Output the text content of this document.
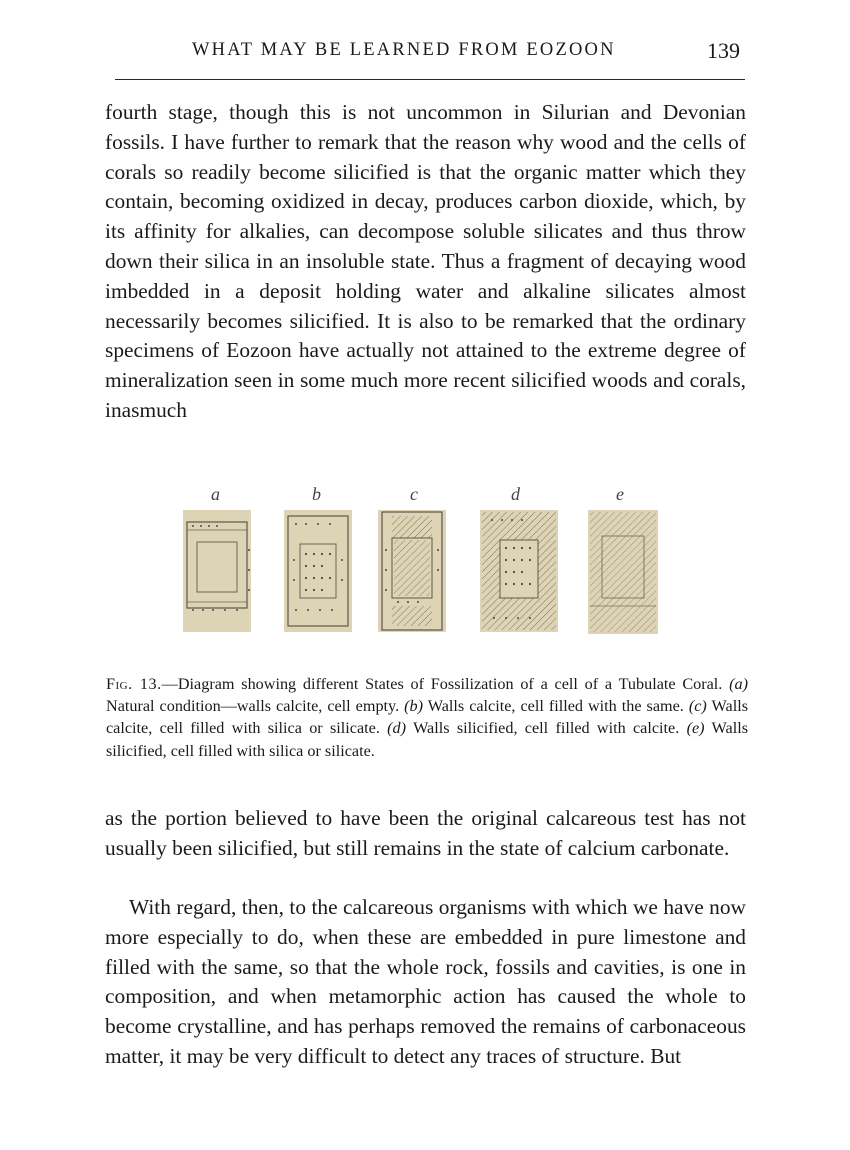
WHAT MAY BE LEARNED FROM EOZOON	139

fourth stage, though this is not uncommon in Silurian and Devonian fossils. I have further to remark that the reason why wood and the cells of corals so readily become silicified is that the organic matter which they contain, becoming oxidized in decay, produces carbon dioxide, which, by its affinity for alkalies, can decompose soluble silicates and thus throw down their silica in an insoluble state. Thus a fragment of decaying wood imbedded in a deposit holding water and alkaline silicates almost necessarily becomes silicified. It is also to be remarked that the ordinary specimens of Eozoon have actually not attained to the extreme degree of mineralization seen in some much more recent silicified woods and corals, inasmuch

a	b	c	d	e
Fig. 13.—Diagram showing different States of Fossilization of a cell of a Tubulate Coral. (a) Natural condition—walls calcite, cell empty. (b) Walls calcite, cell filled with the same. (c) Walls calcite, cell filled with silica or silicate. (d) Walls silicified, cell filled with calcite. (e) Walls silicified, cell filled with silica or silicate.

as the portion believed to have been the original calcareous test has not usually been silicified, but still remains in the state of calcium carbonate.

With regard, then, to the calcareous organisms with which we have now more especially to do, when these are embedded in pure limestone and filled with the same, so that the whole rock, fossils and cavities, is one in composition, and when metamorphic action has caused the whole to become crystalline, and has perhaps removed the remains of carbonaceous matter, it may be very difficult to detect any traces of structure. But
